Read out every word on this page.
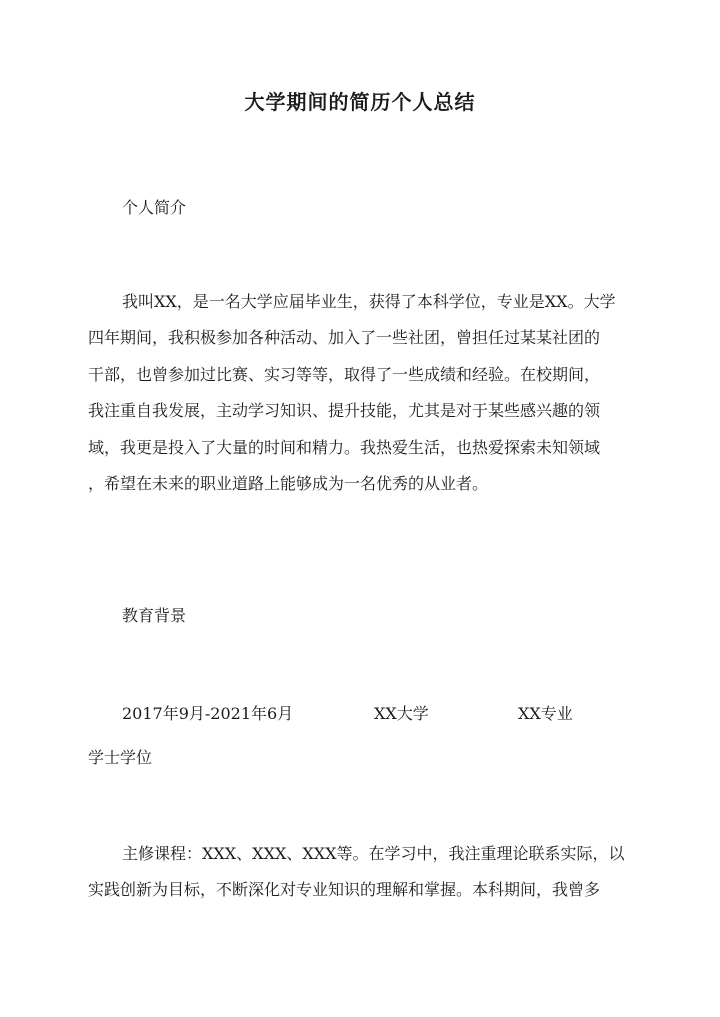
大学期间的简历个人总结
个人简介
我叫XX，是一名大学应届毕业生，获得了本科学位，专业是XX。大学
四年期间，我积极参加各种活动、加入了一些社团，曾担任过某某社团的
干部，也曾参加过比赛、实习等等，取得了一些成绩和经验。在校期间，
我注重自我发展，主动学习知识、提升技能，尤其是对于某些感兴趣的领
域，我更是投入了大量的时间和精力。我热爱生活，也热爱探索未知领域
，希望在未来的职业道路上能够成为一名优秀的从业者。
教育背景
2017年9月-2021年6月	XX大学	XX专业
学士学位
主修课程：XXX、XXX、XXX等。在学习中，我注重理论联系实际，以
实践创新为目标，不断深化对专业知识的理解和掌握。本科期间，我曾多
